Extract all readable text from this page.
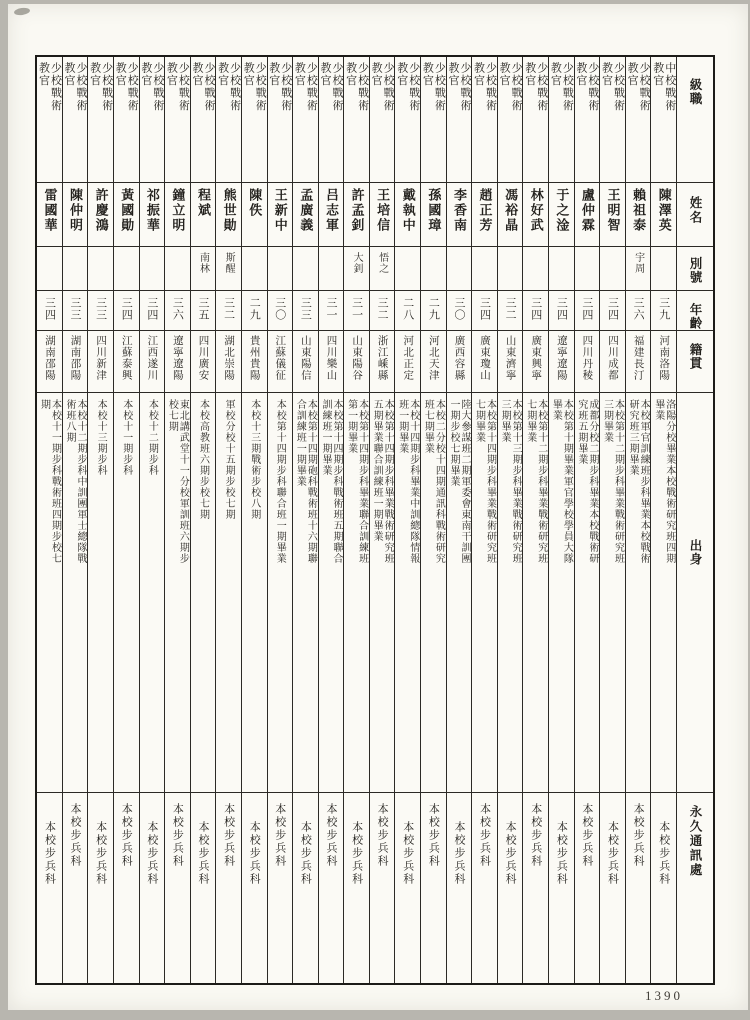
級職
姓名
別號
年齡
籍貫
出身
永久通訊處
中校戰術教官
陳澤英
三九
河南洛陽
洛陽分校畢業本校戰術研究班四期畢業
本校步兵科
少校戰術教官
賴祖泰
宇周
三六
福建長汀
本校軍官訓練班步科畢業本校戰術研究班三期畢業
本校步兵科
少校戰術教官
王明智
三四
四川成都
本校第十二期步科畢業戰術研究班三期畢業
本校步兵科
少校戰術教官
盧仲霖
三四
四川丹稜
成都分校二期步科畢業本校戰術研究班五期畢業
本校步兵科
少校戰術教官
于之淦
三四
遼寧遼陽
本校第十期畢業軍官學校學員大隊畢業
本校步兵科
少校戰術教官
林好武
三四
廣東興寧
本校第十二期步科畢業戰術研究班七期畢業
本校步兵科
少校戰術教官
馮裕晶
三二
山東濟寧
本校第十三期步科畢業戰術研究班三期畢業
本校步兵科
少校戰術教官
趙正芳
三四
廣東瓊山
本校第十四期步科畢業戰術研究班七期畢業
本校步兵科
少校戰術教官
李香南
三〇
廣西容縣
陸大參謀班二期軍委會東南干訓團一期步校七期畢業
本校步兵科
少校戰術教官
孫國璋
二九
河北天津
本校二分校十四期通訊科戰術研究班七期畢業
本校步兵科
少校戰術教官
戴執中
二八
河北正定
本校十四期步科畢業中訓總隊情報班一期畢業
本校步兵科
少校戰術教官
王培信
悟之
三二
浙江嵊縣
本校第十四期步科畢業戰術研究班五期畢業聯合訓練班一期畢業
本校步兵科
少校戰術教官
許孟釗
大釗
三一
山東陽谷
本校第十四期步科畢業聯合訓練班第一期畢業
本校步兵科
少校戰術教官
吕志軍
三一
四川樂山
本校第十四期步科戰術班五期聯合訓練班一期畢業
本校步兵科
少校戰術教官
孟廣義
三三
山東陽信
本校第十四期砲科戰術班十六期聯合訓練班一期畢業
本校步兵科
少校戰術教官
王新中
三〇
江蘇儀征
本校第十四期步科聯合班一期畢業
本校步兵科
少校戰術教官
陳佚
二九
貴州貴陽
本校十三期戰術步校八期
本校步兵科
少校戰術教官
熊世勛
斯醒
三二
湖北崇陽
軍校分校十五期步校七期
本校步兵科
少校戰術教官
程斌
南林
三五
四川廣安
本校高教班六期步校七期
本校步兵科
少校戰術教官
鐘立明
三六
遼寧遼陽
東北講武堂十一分校軍訓班六期步校七期
本校步兵科
少校戰術教官
祁振華
三四
江西遂川
本校十二期步科
本校步兵科
少校戰術教官
黃國勛
三四
江蘇泰興
本校十一期步科
本校步兵科
少校戰術教官
許慶鴻
三三
四川新津
本校十三期步科
本校步兵科
少校戰術教官
陳仲明
三三
湖南邵陽
本校十二期步科中訓團軍士總隊戰術班八期
本校步兵科
少校戰術教官
雷國華
三四
湖南邵陽
本校十一期步科戰術班四期步校七期
本校步兵科
1390
